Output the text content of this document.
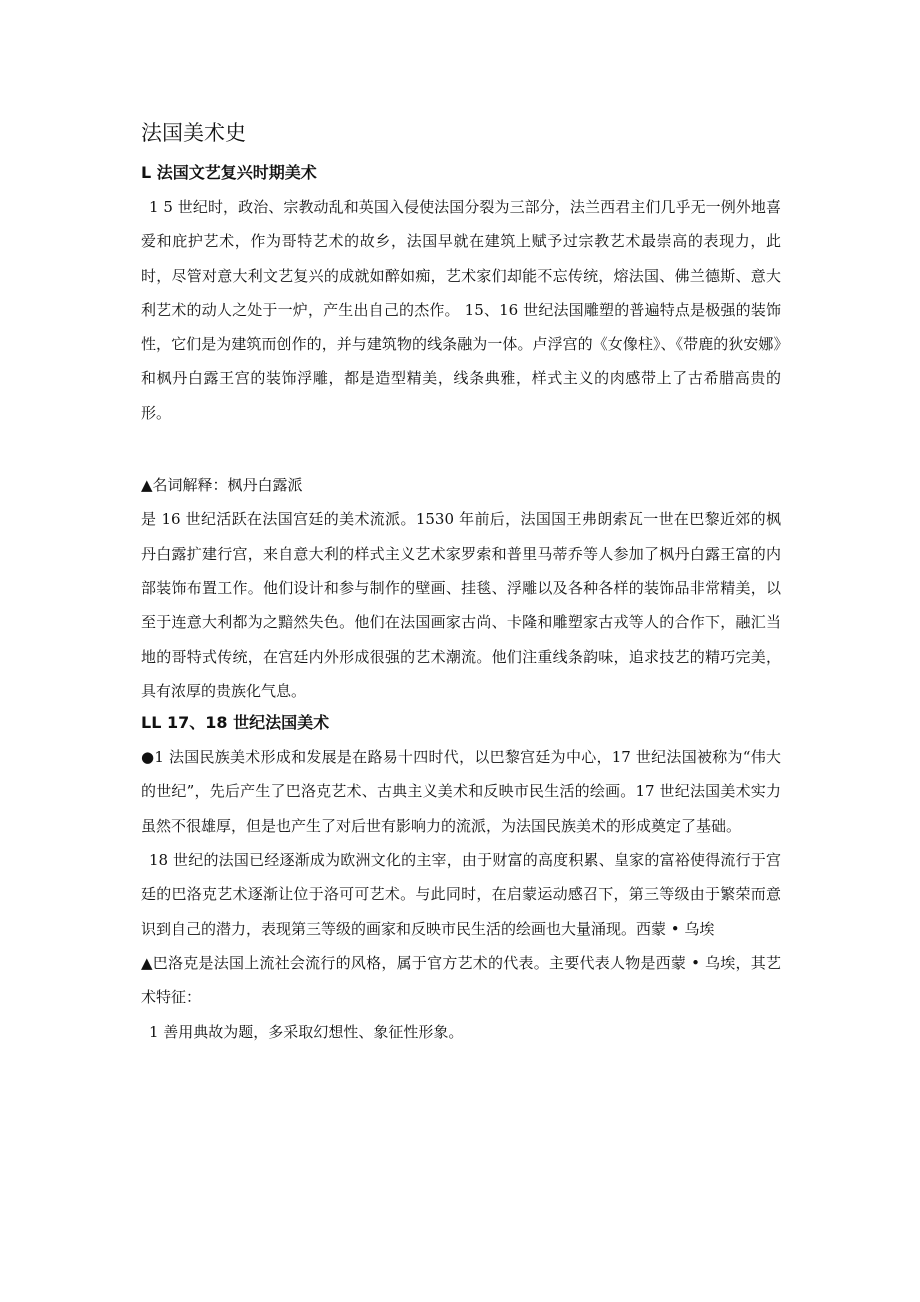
法国美术史
L 法国文艺复兴时期美术

1 5 世纪时，政治、宗教动乱和英国入侵使法国分裂为三部分，法兰西君主们几乎无一例外地喜爱和庇护艺术，作为哥特艺术的故乡，法国早就在建筑上赋予过宗教艺术最崇高的表现力，此时，尽管对意大利文艺复兴的成就如醉如痴，艺术家们却能不忘传统，熔法国、佛兰德斯、意大利艺术的动人之处于一炉，产生出自己的杰作。 15、16 世纪法国雕塑的普遍特点是极强的装饰性，它们是为建筑而创作的，并与建筑物的线条融为一体。卢浮宫的《女像柱》、《带鹿的狄安娜》和枫丹白露王宫的装饰浮雕，都是造型精美，线条典雅，样式主义的肉感带上了古希腊高贵的形。

▲名词解释：枫丹白露派

是 16 世纪活跃在法国宫廷的美术流派。1530 年前后，法国国王弗朗索瓦一世在巴黎近郊的枫丹白露扩建行宫，来自意大利的样式主义艺术家罗索和普里马蒂乔等人参加了枫丹白露王富的内部装饰布置工作。他们设计和参与制作的壁画、挂毯、浮雕以及各种各样的装饰品非常精美，以至于连意大利都为之黯然失色。他们在法国画家古尚、卡隆和雕塑家古戎等人的合作下，融汇当地的哥特式传统，在宫廷内外形成很强的艺术潮流。他们注重线条韵味，追求技艺的精巧完美，具有浓厚的贵族化气息。

LL 17、18 世纪法国美术

●1 法国民族美术形成和发展是在路易十四时代，以巴黎宫廷为中心，17 世纪法国被称为“伟大的世纪”，先后产生了巴洛克艺术、古典主义美术和反映市民生活的绘画。17 世纪法国美术实力虽然不很雄厚，但是也产生了对后世有影响力的流派，为法国民族美术的形成奠定了基础。

18 世纪的法国已经逐渐成为欧洲文化的主宰，由于财富的高度积累、皇家的富裕使得流行于宫廷的巴洛克艺术逐渐让位于洛可可艺术。与此同时，在启蒙运动感召下，第三等级由于繁荣而意识到自己的潜力，表现第三等级的画家和反映市民生活的绘画也大量涌现。西蒙 • 乌埃

▲巴洛克是法国上流社会流行的风格，属于官方艺术的代表。主要代表人物是西蒙 • 乌埃，其艺术特征：

1 善用典故为题，多采取幻想性、象征性形象。
